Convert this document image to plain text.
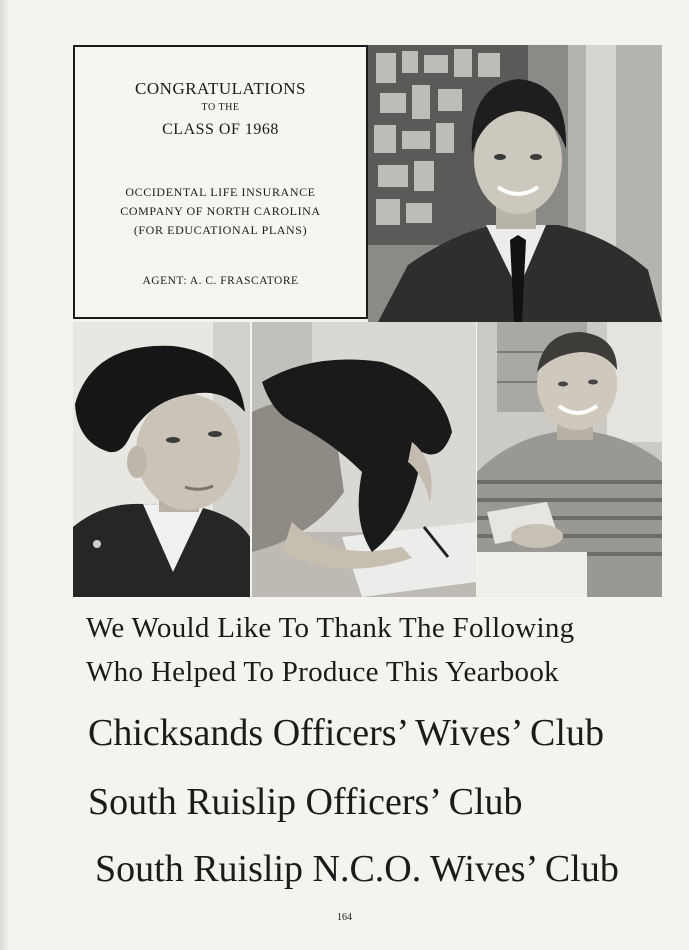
CONGRATULATIONS
TO THE
CLASS OF 1968
OCCIDENTAL LIFE INSURANCE
COMPANY OF NORTH CAROLINA
(FOR EDUCATIONAL PLANS)
AGENT: A. C. FRASCATORE
We Would Like To Thank The Following
Who Helped To Produce This Yearbook
Chicksands Officers’ Wives’ Club
South Ruislip Officers’ Club
South Ruislip N.C.O. Wives’ Club
164
